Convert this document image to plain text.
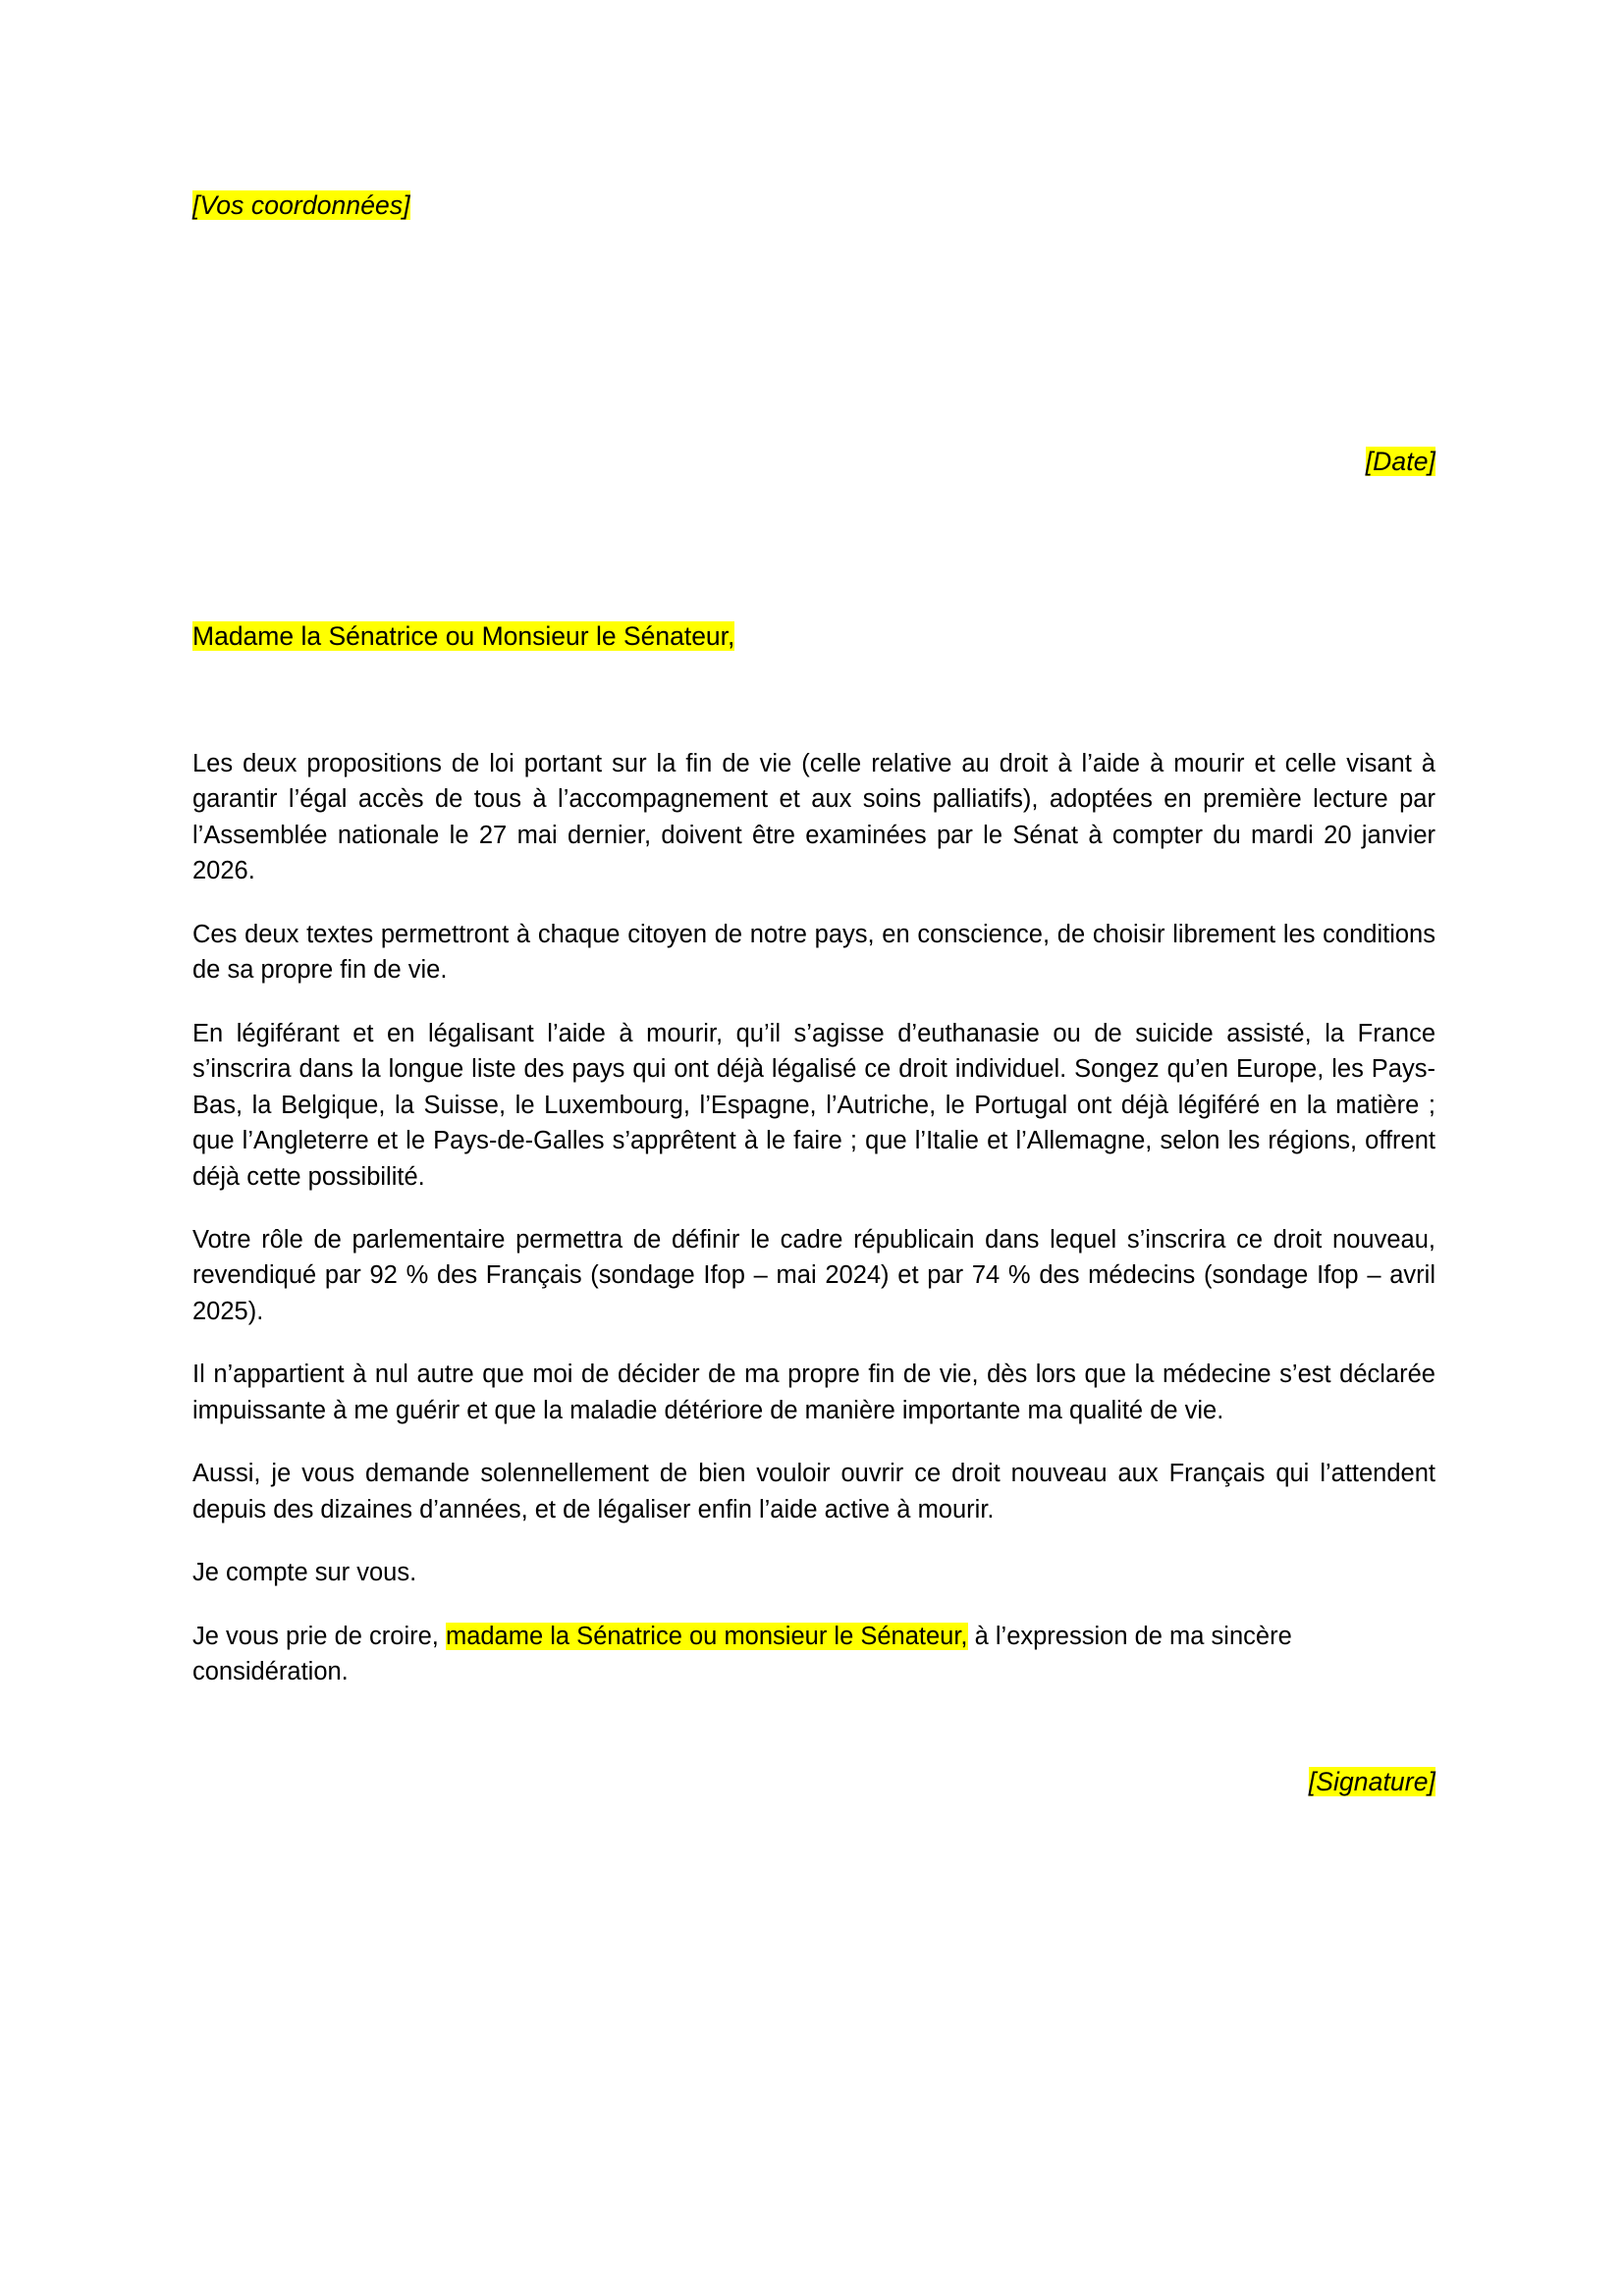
[Vos coordonnées]
[Date]
Madame la Sénatrice ou Monsieur le Sénateur,

Les deux propositions de loi portant sur la fin de vie (celle relative au droit à l’aide à mourir et celle visant à garantir l’égal accès de tous à l’accompagnement et aux soins palliatifs), adoptées en première lecture par l’Assemblée nationale le 27 mai dernier, doivent être examinées par le Sénat à compter du mardi 20 janvier 2026.

Ces deux textes permettront à chaque citoyen de notre pays, en conscience, de choisir librement les conditions de sa propre fin de vie.

En légiférant et en légalisant l’aide à mourir, qu’il s’agisse d’euthanasie ou de suicide assisté, la France s’inscrira dans la longue liste des pays qui ont déjà légalisé ce droit individuel. Songez qu’en Europe, les Pays-Bas, la Belgique, la Suisse, le Luxembourg, l’Espagne, l’Autriche, le Portugal ont déjà légiféré en la matière ; que l’Angleterre et le Pays-de-Galles s’apprêtent à le faire ; que l’Italie et l’Allemagne, selon les régions, offrent déjà cette possibilité.

Votre rôle de parlementaire permettra de définir le cadre républicain dans lequel s’inscrira ce droit nouveau, revendiqué par 92 % des Français (sondage Ifop – mai 2024) et par 74 % des médecins (sondage Ifop – avril 2025).

Il n’appartient à nul autre que moi de décider de ma propre fin de vie, dès lors que la médecine s’est déclarée impuissante à me guérir et que la maladie détériore de manière importante ma qualité de vie.

Aussi, je vous demande solennellement de bien vouloir ouvrir ce droit nouveau aux Français qui l’attendent depuis des dizaines d’années, et de légaliser enfin l’aide active à mourir.

Je compte sur vous.

Je vous prie de croire, madame la Sénatrice ou monsieur le Sénateur, à l’expression de ma sincère considération.

[Signature]
